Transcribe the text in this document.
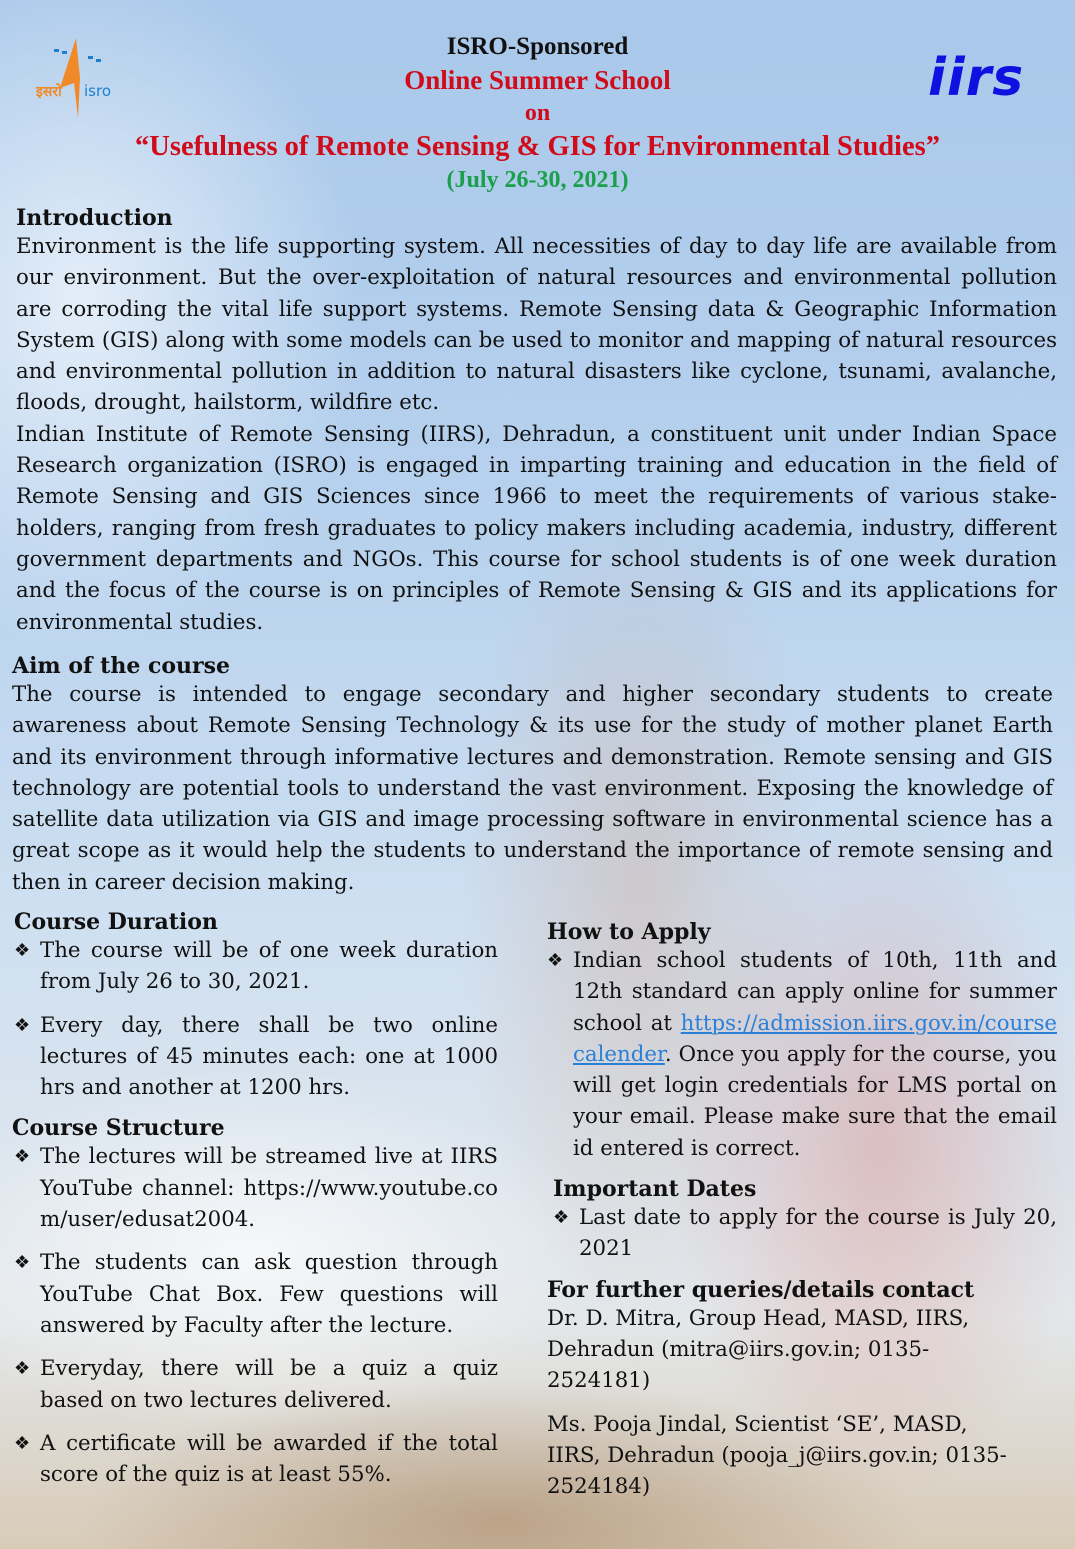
इसरो isro	iirs
ISRO-Sponsored
Online Summer School
on
“Usefulness of Remote Sensing & GIS for Environmental Studies”
(July 26-30, 2021)
Introduction

Environment is the life supporting system. All necessities of day to day life are available from our environment. But the over-exploitation of natural resources and environmental pollution are corroding the vital life support systems. Remote Sensing data & Geographic Information System (GIS) along with some models can be used to monitor and mapping of natural resources and environmental pollution in addition to natural disasters like cyclone, tsunami, avalanche, floods, drought, hailstorm, wildfire etc.

Indian Institute of Remote Sensing (IIRS), Dehradun, a constituent unit under Indian Space Research organization (ISRO) is engaged in imparting training and education in the field of Remote Sensing and GIS Sciences since 1966 to meet the requirements of various stake-holders, ranging from fresh graduates to policy makers including academia, industry, different government departments and NGOs. This course for school students is of one week duration and the focus of the course is on principles of Remote Sensing & GIS and its applications for environmental studies.

Aim of the course

The course is intended to engage secondary and higher secondary students to create awareness about Remote Sensing Technology & its use for the study of mother planet Earth and its environment through informative lectures and demonstration. Remote sensing and GIS technology are potential tools to understand the vast environment. Exposing the knowledge of satellite data utilization via GIS and image processing software in environmental science has a great scope as it would help the students to understand the importance of remote sensing and then in career decision making.

Course Duration
❖ The course will be of one week duration from July 26 to 30, 2021.
❖ Every day, there shall be two online lectures of 45 minutes each: one at 1000 hrs and another at 1200 hrs.
Course Structure
❖ The lectures will be streamed live at IIRS YouTube channel: https://www.youtube.com/user/edusat2004.
❖ The students can ask question through YouTube Chat Box. Few questions will answered by Faculty after the lecture.
❖ Everyday, there will be a quiz a quiz based on two lectures delivered.
❖ A certificate will be awarded if the total score of the quiz is at least 55%.
How to Apply
❖ Indian school students of 10th, 11th and 12th standard can apply online for summer school at https://admission.iirs.gov.in/coursecalender. Once you apply for the course, you will get login credentials for LMS portal on your email. Please make sure that the email id entered is correct.
Important Dates
❖ Last date to apply for the course is July 20, 2021
For further queries/details contact
Dr. D. Mitra, Group Head, MASD, IIRS, Dehradun (mitra@iirs.gov.in; 0135-2524181)
Ms. Pooja Jindal, Scientist ‘SE’, MASD, IIRS, Dehradun (pooja_j@iirs.gov.in; 0135-2524184)
